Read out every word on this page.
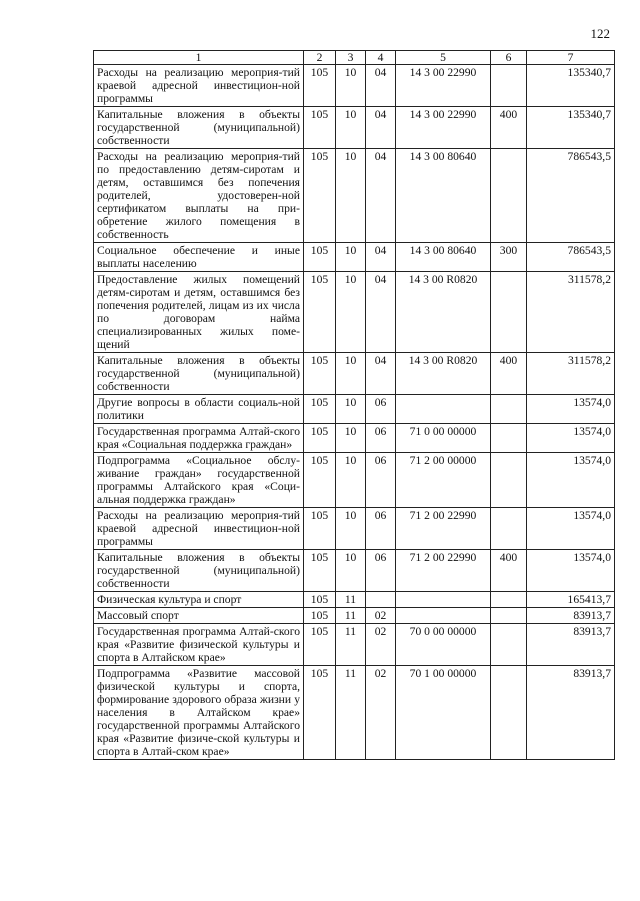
122
1	2	3	4	5	6	7
Расходы на реализацию мероприя-тий краевой адресной инвестицион-ной программы	105	10	04	14 3 00 22990		135340,7
Капитальные вложения в объекты государственной (муниципальной) собственности	105	10	04	14 3 00 22990	400	135340,7
Расходы на реализацию мероприя-тий по предоставлению детям-сиротам и детям, оставшимся без попечения родителей, удостоверен-ной сертификатом выплаты на при-обретение жилого помещения в собственность	105	10	04	14 3 00 80640		786543,5
Социальное обеспечение и иные выплаты населению	105	10	04	14 3 00 80640	300	786543,5
Предоставление жилых помещений детям-сиротам и детям, оставшимся без попечения родителей, лицам из их числа по договорам найма специализированных жилых поме-щений	105	10	04	14 3 00 R0820		311578,2
Капитальные вложения в объекты государственной (муниципальной) собственности	105	10	04	14 3 00 R0820	400	311578,2
Другие вопросы в области социаль-ной политики	105	10	06			13574,0
Государственная программа Алтай-ского края «Социальная поддержка граждан»	105	10	06	71 0 00 00000		13574,0
Подпрограмма «Социальное обслу-живание граждан» государственной программы Алтайского края «Соци-альная поддержка граждан»	105	10	06	71 2 00 00000		13574,0
Расходы на реализацию мероприя-тий краевой адресной инвестицион-ной программы	105	10	06	71 2 00 22990		13574,0
Капитальные вложения в объекты государственной (муниципальной) собственности	105	10	06	71 2 00 22990	400	13574,0
Физическая культура и спорт	105	11				165413,7
Массовый спорт	105	11	02			83913,7
Государственная программа Алтай-ского края «Развитие физической культуры и спорта в Алтайском крае»	105	11	02	70 0 00 00000		83913,7
Подпрограмма «Развитие массовой физической культуры и спорта, формирование здорового образа жизни у населения в Алтайском крае» государственной программы Алтайского края «Развитие физиче-ской культуры и спорта в Алтай-ском крае»	105	11	02	70 1 00 00000		83913,7
